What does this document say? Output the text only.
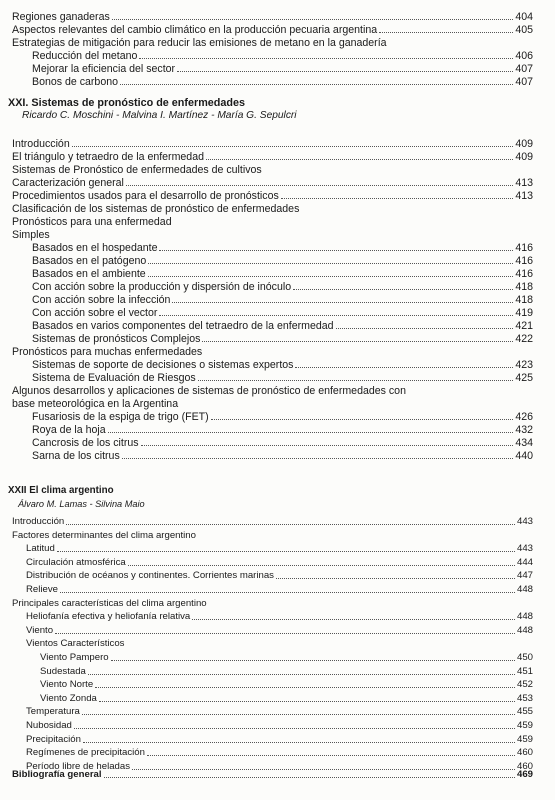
Regiones ganaderas	404
Aspectos relevantes del cambio climático en la producción pecuaria argentina	405
Estrategias de mitigación para reducir las emisiones de metano en la ganadería
Reducción del metano	406
Mejorar la eficiencia del sector	407
Bonos de carbono	407
XXI. Sistemas de pronóstico de enfermedades
Ricardo C. Moschini - Malvina I. Martínez - María G. Sepulcri
Introducción	409
El triángulo y tetraedro de la enfermedad	409
Sistemas de Pronóstico de enfermedades de cultivos
Caracterización general	413
Procedimientos usados para el desarrollo de pronósticos	413
Clasificación de los sistemas de pronóstico de enfermedades
Pronósticos para una enfermedad
Simples
Basados en el hospedante	416
Basados en el patógeno	416
Basados en el ambiente	416
Con acción sobre la producción y dispersión de inóculo	418
Con acción sobre la infección	418
Con acción sobre el vector	419
Basados en varios componentes del tetraedro de la enfermedad	421
Sistemas de pronósticos Complejos	422
Pronósticos para muchas enfermedades
Sistemas de soporte de decisiones o sistemas expertos	423
Sistema de Evaluación de Riesgos	425
Algunos desarrollos y aplicaciones de sistemas de pronóstico de enfermedades con
base meteorológica en la Argentina
Fusariosis de la espiga de trigo (FET)	426
Roya de la hoja	432
Cancrosis de los citrus	434
Sarna de los citrus	440
XXII El clima argentino
Álvaro M. Lamas - Silvina Maio
Introducción	443
Factores determinantes del clima argentino
Latitud	443
Circulación atmosférica	444
Distribución de océanos y continentes. Corrientes marinas	447
Relieve	448
Principales características del clima argentino
Heliofanía efectiva y heliofanía relativa	448
Viento	448
Vientos Característicos
Viento Pampero	450
Sudestada	451
Viento Norte	452
Viento Zonda	453
Temperatura	455
Nubosidad	459
Precipitación	459
Regímenes de precipitación	460
Período libre de heladas	460
Bibliografía general	469
